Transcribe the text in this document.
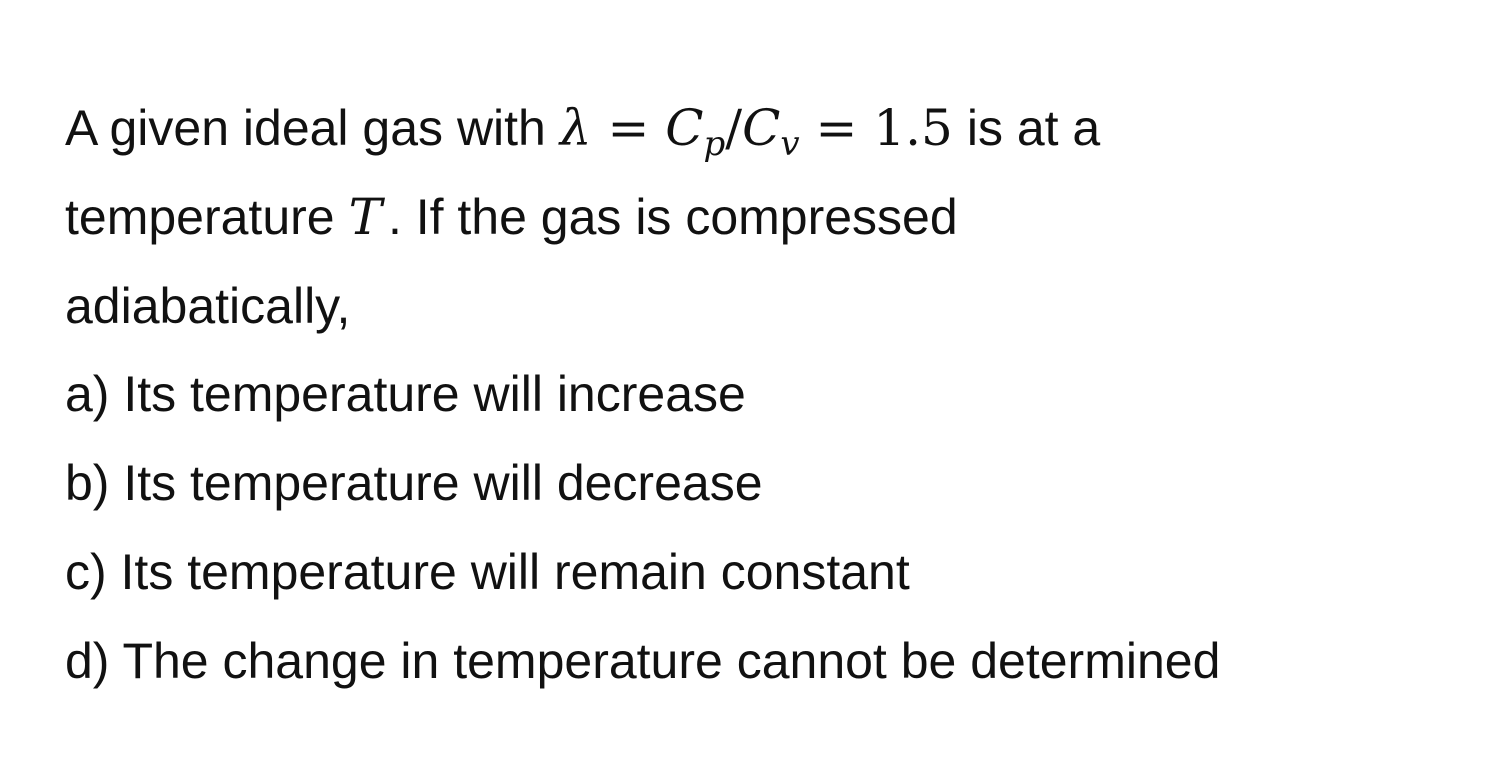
A given ideal gas with $\lambda = C_p/C_v = 1.5$ is at a
temperature T . If the gas is compressed
adiabatically,
a) Its temperature will increase
b) Its temperature will decrease
c) Its temperature will remain constant
d) The change in temperature cannot be determined
